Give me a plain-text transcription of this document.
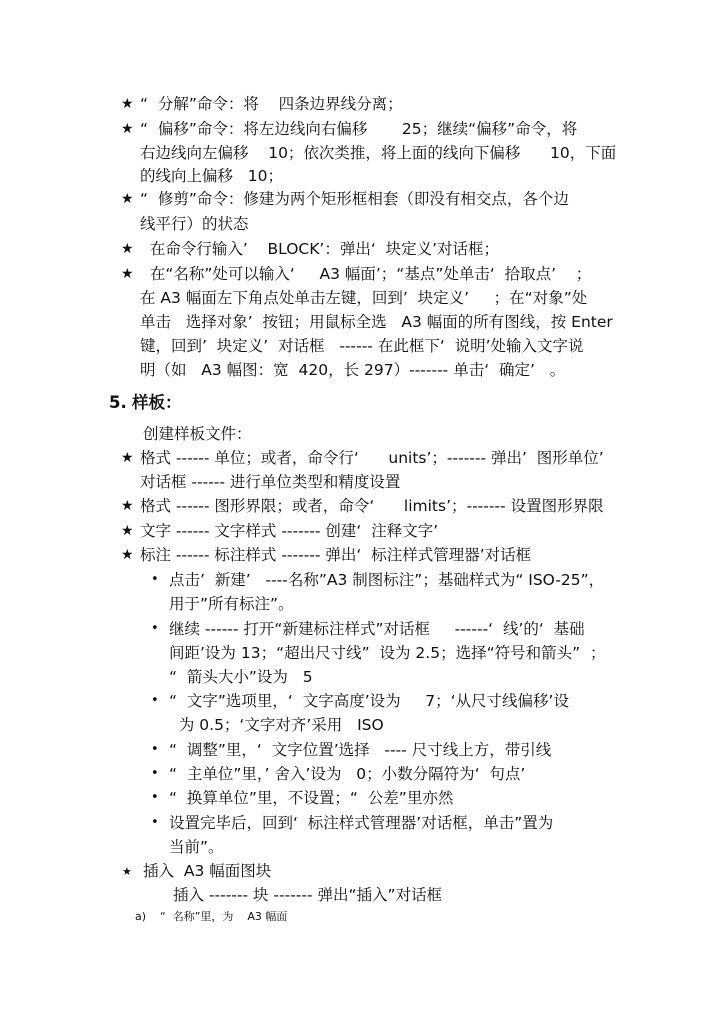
★ “  分解”命令：将    四条边界线分离；
★ “  偏移”命令：将左边线向右偏移       25；继续“偏移”命令，将
右边线向左偏移    10；依次类推，将上面的线向下偏移      10，下面
的线向上偏移   10；
★ “  修剪”命令：修建为两个矩形框相套（即没有相交点，各个边
线平行）的状态
★ 在命令行输入’    BLOCK’：弹出‘  块定义’对话框；
★ 在“名称”处可以输入‘     A3 幅面’；“基点”处单击‘  拾取点’    ；
在 A3 幅面左下角点处单击左键，回到’  块定义’     ；在“对象”处
单击   选择对象’  按钮；用鼠标全选   A3 幅面的所有图线，按 Enter
键，回到’  块定义’  对话框   ------ 在此框下‘  说明’处输入文字说
明（如   A3 幅图：宽  420，长 297）------- 单击‘  确定’   。
5. 样板：
创建样板文件：
★ 格式 ------ 单位；或者，命令行‘      units’；------- 弹出’  图形单位’
对话框 ------ 进行单位类型和精度设置
★ 格式 ------ 图形界限；或者，命令‘      limits’；------- 设置图形界限
★ 文字 ------ 文字样式 ------- 创建‘  注释文字’
★ 标注 ------ 标注样式 ------- 弹出‘  标注样式管理器’对话框
• 点击’  新建’   ----名称”A3 制图标注”；基础样式为“ ISO-25”，
用于”所有标注”。
• 继续 ------ 打开“新建标注样式”对话框     ------‘  线’的‘  基础
间距’设为 13；“超出尺寸线”  设为 2.5；选择“符号和箭头”  ；
“  箭头大小”设为   5
• “  文字”选项里，‘  文字高度’设为     7；‘从尺寸线偏移’设
为 0.5；‘文字对齐’采用   ISO
• “  调整”里，‘  文字位置’选择   ---- 尺寸线上方，带引线
• “  主单位”里，’ 舍入’设为   0；小数分隔符为‘  句点’
• “  换算单位”里，不设置；“  公差”里亦然
• 设置完毕后，回到‘  标注样式管理器’对话框，单击”置为
当前”。
★ 插入  A3 幅面图块
插入 ------- 块 ------- 弹出“插入”对话框
a)    “  名称”里，为    A3 幅面
